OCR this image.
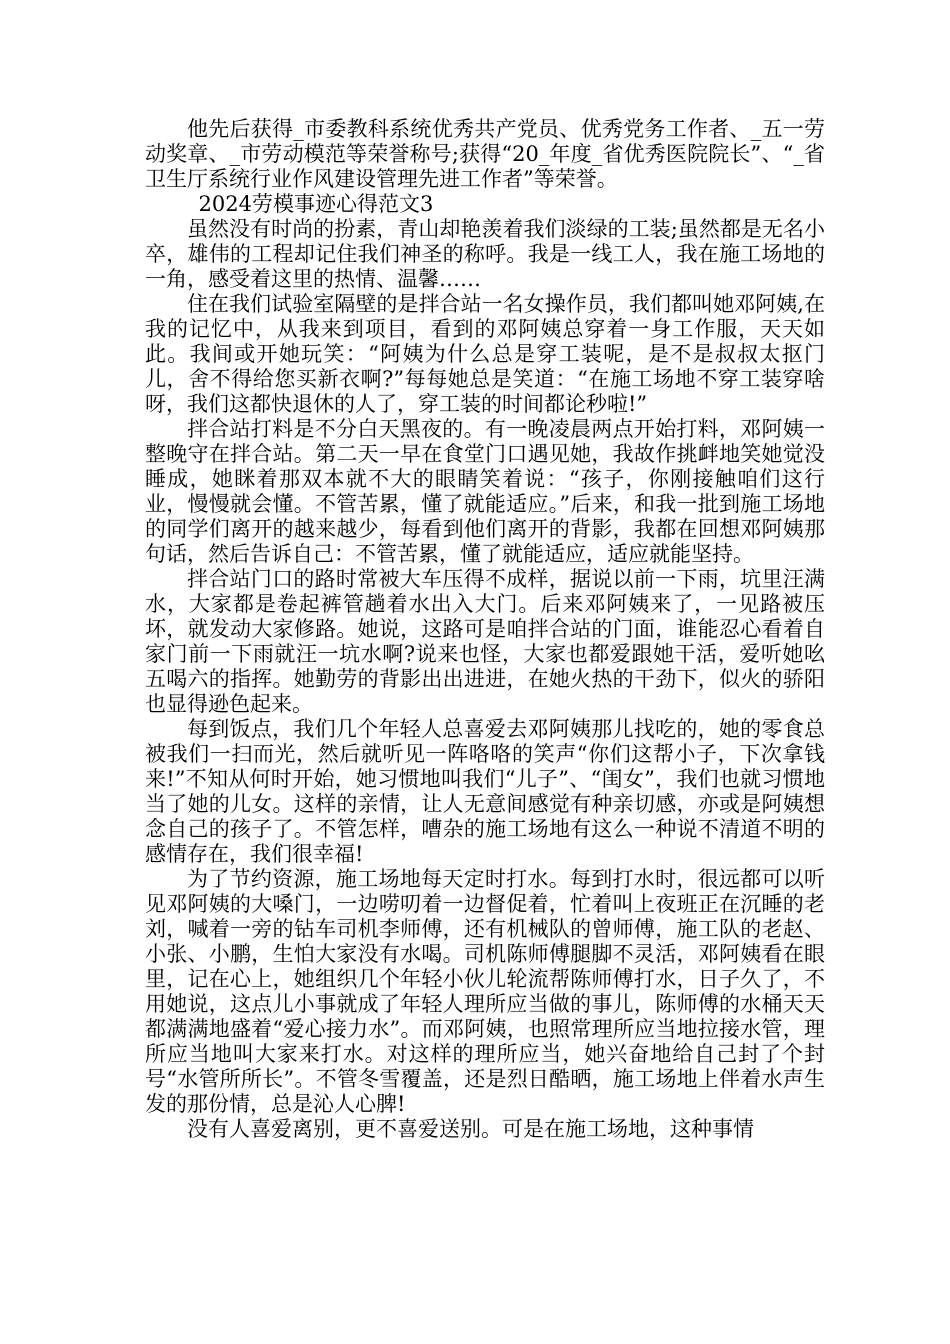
他先后获得_市委教科系统优秀共产党员、优秀党务工作者、_五一劳动奖章、_市劳动模范等荣誉称号;获得“20_年度_省优秀医院院长”、“_省卫生厅系统行业作风建设管理先进工作者”等荣誉。

2024劳模事迹心得范文3

虽然没有时尚的扮素，青山却艳羡着我们淡绿的工装;虽然都是无名小卒，雄伟的工程却记住我们神圣的称呼。我是一线工人，我在施工场地的一角，感受着这里的热情、温馨……

住在我们试验室隔壁的是拌合站一名女操作员，我们都叫她邓阿姨,在我的记忆中，从我来到项目，看到的邓阿姨总穿着一身工作服，天天如此。我间或开她玩笑：“阿姨为什么总是穿工装呢，是不是叔叔太抠门儿，舍不得给您买新衣啊?”每每她总是笑道：“在施工场地不穿工装穿啥呀，我们这都快退休的人了，穿工装的时间都论秒啦!”

拌合站打料是不分白天黑夜的。有一晚凌晨两点开始打料，邓阿姨一整晚守在拌合站。第二天一早在食堂门口遇见她，我故作挑衅地笑她觉没睡成，她眯着那双本就不大的眼睛笑着说：“孩子，你刚接触咱们这行业，慢慢就会懂。不管苦累，懂了就能适应。”后来，和我一批到施工场地的同学们离开的越来越少，每看到他们离开的背影，我都在回想邓阿姨那句话，然后告诉自己：不管苦累，懂了就能适应，适应就能坚持。

拌合站门口的路时常被大车压得不成样，据说以前一下雨，坑里汪满水，大家都是卷起裤管趟着水出入大门。后来邓阿姨来了，一见路被压坏，就发动大家修路。她说，这路可是咱拌合站的门面，谁能忍心看着自家门前一下雨就汪一坑水啊?说来也怪，大家也都爱跟她干活，爱听她吆五喝六的指挥。她勤劳的背影出出进进，在她火热的干劲下，似火的骄阳也显得逊色起来。

每到饭点，我们几个年轻人总喜爱去邓阿姨那儿找吃的，她的零食总被我们一扫而光，然后就听见一阵咯咯的笑声“你们这帮小子，下次拿钱来!”不知从何时开始，她习惯地叫我们“儿子”、“闺女”，我们也就习惯地当了她的儿女。这样的亲情，让人无意间感觉有种亲切感，亦或是阿姨想念自己的孩子了。不管怎样，嘈杂的施工场地有这么一种说不清道不明的感情存在，我们很幸福!

为了节约资源，施工场地每天定时打水。每到打水时，很远都可以听见邓阿姨的大嗓门，一边唠叨着一边督促着，忙着叫上夜班正在沉睡的老刘，喊着一旁的钻车司机李师傅，还有机械队的曾师傅，施工队的老赵、小张、小鹏，生怕大家没有水喝。司机陈师傅腿脚不灵活，邓阿姨看在眼里，记在心上，她组织几个年轻小伙儿轮流帮陈师傅打水，日子久了，不用她说，这点儿小事就成了年轻人理所应当做的事儿，陈师傅的水桶天天都满满地盛着“爱心接力水”。而邓阿姨，也照常理所应当地拉接水管，理所应当地叫大家来打水。对这样的理所应当，她兴奋地给自己封了个封号“水管所所长”。不管冬雪覆盖，还是烈日酷晒，施工场地上伴着水声生发的那份情，总是沁人心脾!

没有人喜爱离别，更不喜爱送别。可是在施工场地，这种事情
